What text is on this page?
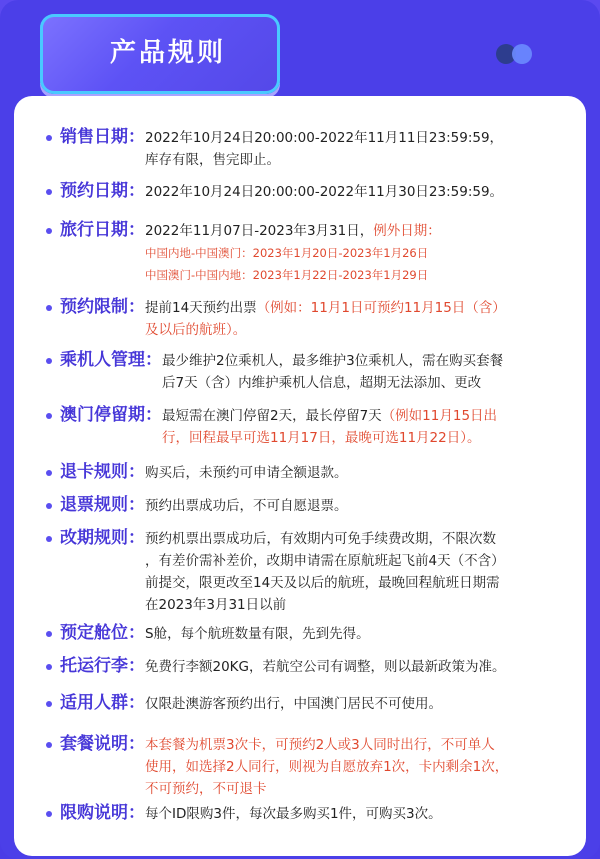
产品规则
销售日期： 2022年10月24日20:00:00-2022年11月11日23:59:59，
库存有限，售完即止。
预约日期： 2022年10月24日20:00:00-2022年11月30日23:59:59。
旅行日期： 2022年11月07日-2023年3月31日，例外日期：
中国内地-中国澳门：2023年1月20日-2023年1月26日
中国澳门-中国内地：2023年1月22日-2023年1月29日
预约限制： 提前14天预约出票（例如：11月1日可预约11月15日（含）
及以后的航班）。
乘机人管理： 最少维护2位乘机人，最多维护3位乘机人，需在购买套餐
后7天（含）内维护乘机人信息，超期无法添加、更改
澳门停留期： 最短需在澳门停留2天，最长停留7天（例如11月15日出
行，回程最早可选11月17日，最晚可选11月22日）。
退卡规则： 购买后，未预约可申请全额退款。
退票规则： 预约出票成功后，不可自愿退票。
改期规则： 预约机票出票成功后，有效期内可免手续费改期，不限次数
，有差价需补差价，改期申请需在原航班起飞前4天（不含）
前提交，限更改至14天及以后的航班，最晚回程航班日期需
在2023年3月31日以前
预定舱位： S舱，每个航班数量有限，先到先得。
托运行李： 免费行李额20KG，若航空公司有调整，则以最新政策为准。
适用人群： 仅限赴澳游客预约出行，中国澳门居民不可使用。
套餐说明： 本套餐为机票3次卡，可预约2人或3人同时出行，不可单人
使用，如选择2人同行，则视为自愿放弃1次，卡内剩余1次，
不可预约，不可退卡
限购说明： 每个ID限购3件，每次最多购买1件，可购买3次。
